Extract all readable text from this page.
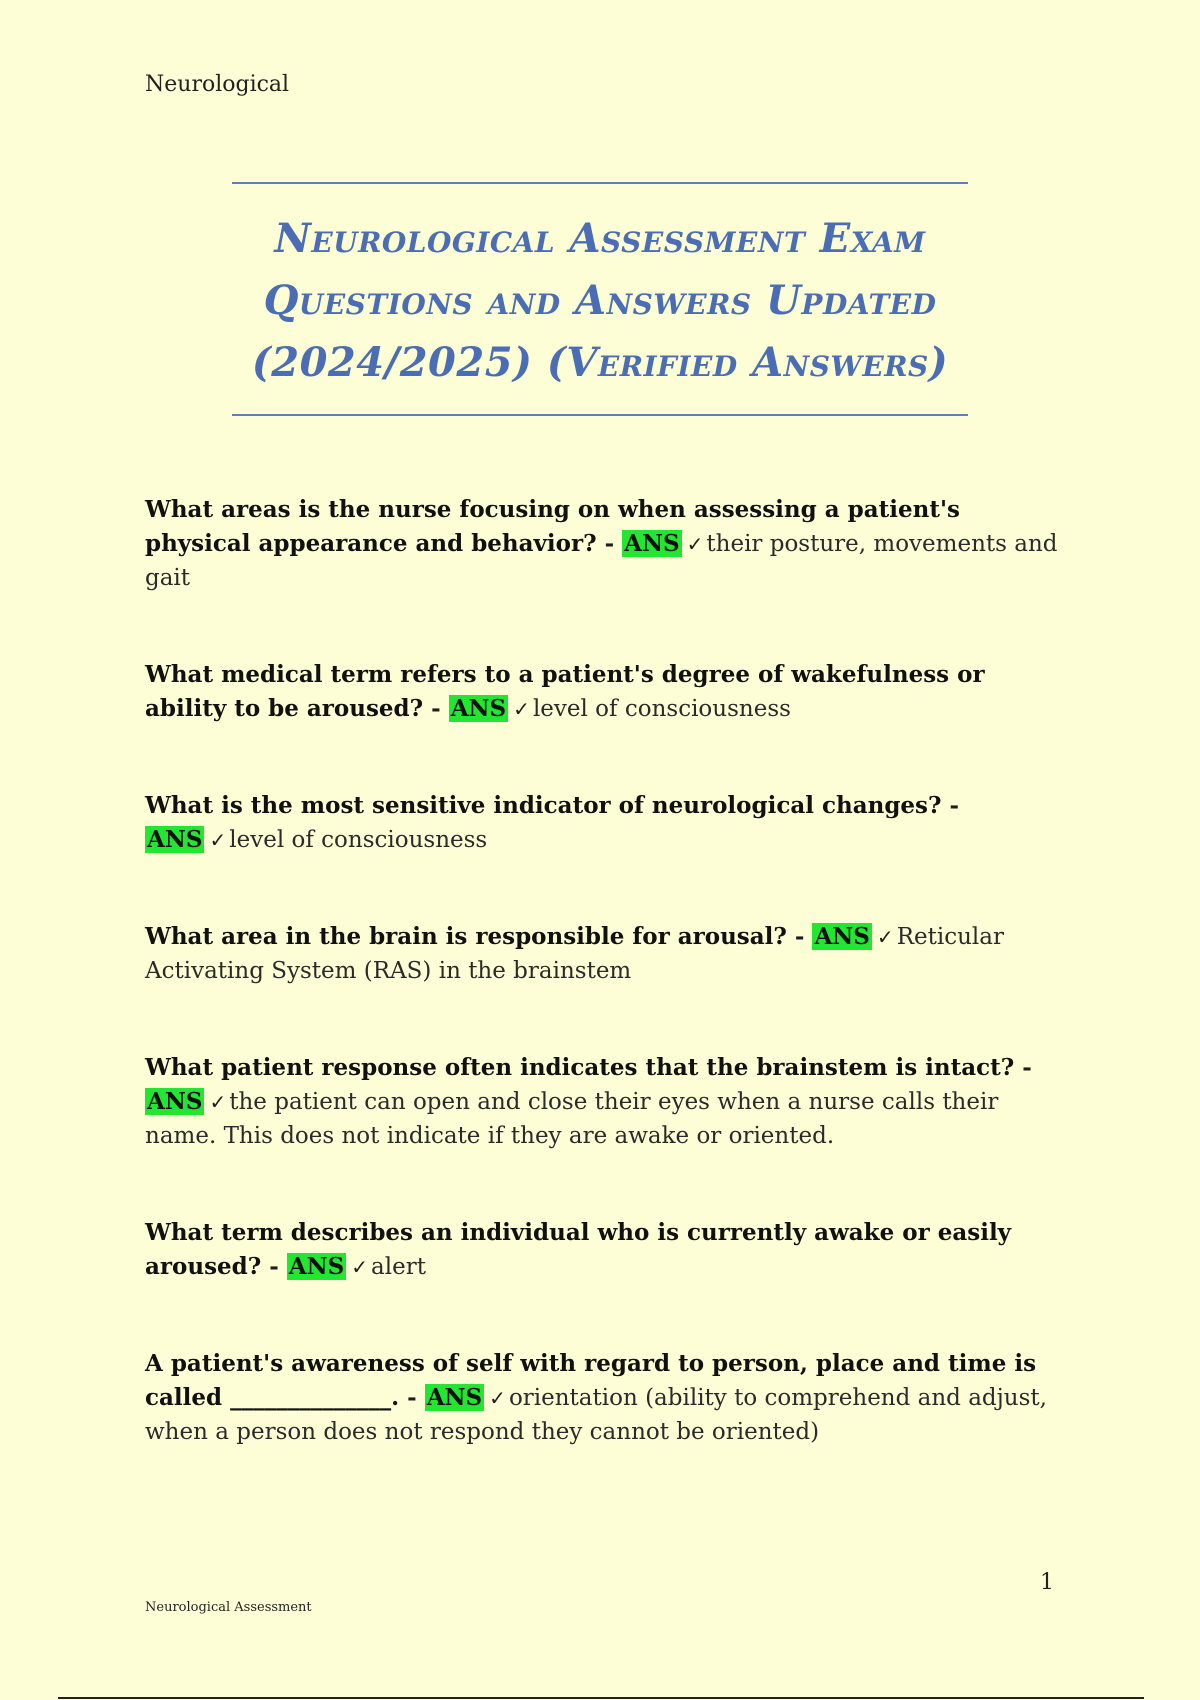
Neurological
Neurological Assessment Exam
Questions and Answers Updated
(2024/2025) (Verified Answers)
What areas is the nurse focusing on when assessing a patient's physical appearance and behavior? - ANS ✓ their posture, movements and gait
What medical term refers to a patient's degree of wakefulness or ability to be aroused? - ANS ✓ level of consciousness
What is the most sensitive indicator of neurological changes? - ANS ✓ level of consciousness
What area in the brain is responsible for arousal? - ANS ✓ Reticular Activating System (RAS) in the brainstem
What patient response often indicates that the brainstem is intact? - ANS ✓ the patient can open and close their eyes when a nurse calls their name. This does not indicate if they are awake or oriented.
What term describes an individual who is currently awake or easily aroused? - ANS ✓ alert
A patient's awareness of self with regard to person, place and time is called ______________. - ANS ✓ orientation (ability to comprehend and adjust, when a person does not respond they cannot be oriented)
1
Neurological Assessment
